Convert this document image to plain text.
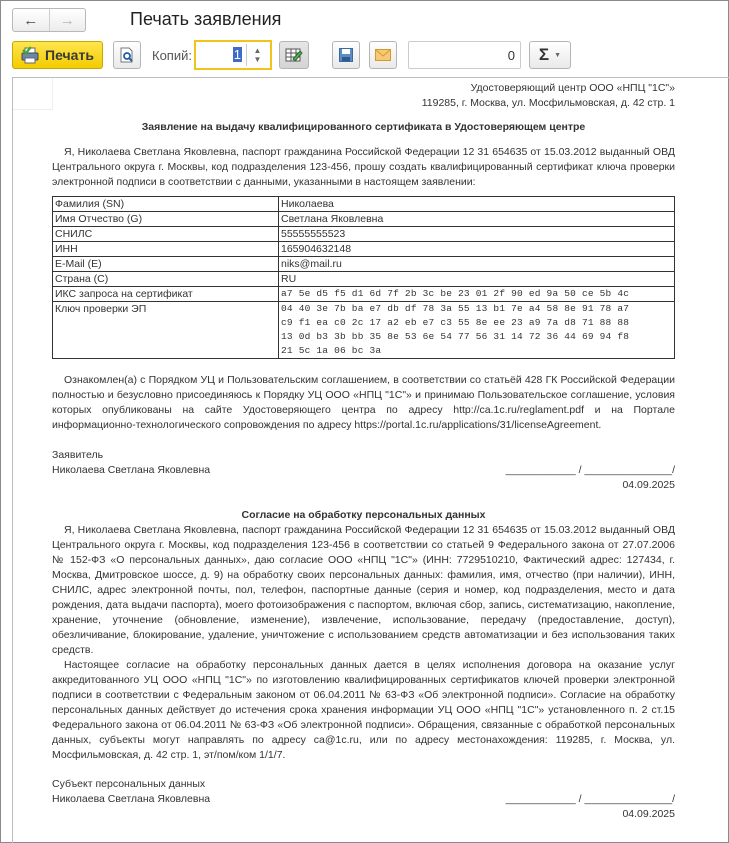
← →	Печать заявления
Печать	Копий:	1 ▲
▼	0	Σ ▼
Удостоверяющий центр ООО «НПЦ "1С"»
119285, г. Москва, ул. Мосфильмовская, д. 42 стр. 1
Заявление на выдачу квалифицированного сертификата в Удостоверяющем центре
Я, Николаева Светлана Яковлевна, паспорт гражданина Российской Федерации 12 31 654635 от 15.03.2012 выданный ОВД Центрального округа г. Москвы, код подразделения 123-456, прошу создать квалифицированный сертификат ключа проверки электронной подписи в соответствии с данными, указанными в настоящем заявлении:
Фамилия (SN)	Николаева
Имя Отчество (G)	Светлана Яковлевна
СНИЛС	55555555523
ИНН	165904632148
E-Mail (E)	niks@mail.ru
Страна (C)	RU
ИКС запроса на сертификат	a7 5e d5 f5 d1 6d 7f 2b 3c be 23 01 2f 90 ed 9a 50 ce 5b 4c
Ключ проверки ЭП	04 40 3e 7b ba e7 db df 78 3a 55 13 b1 7e a4 58 8e 91 78 a7
c9 f1 ea c0 2c 17 a2 eb e7 c3 55 8e ee 23 a9 7a d8 71 88 88
13 0d b3 3b bb 35 8e 53 6e 54 77 56 31 14 72 36 44 69 94 f8
21 5c 1a 06 bc 3a
Ознакомлен(а) с Порядком УЦ и Пользовательским соглашением, в соответствии со статьёй 428 ГК Российской Федерации полностью и безусловно присоединяюсь к Порядку УЦ ООО «НПЦ "1С"» и принимаю Пользовательское соглашение, условия которых опубликованы на сайте Удостоверяющего центра по адресу http://ca.1c.ru/reglament.pdf и на Портале информационно-технологического сопровождения по адресу https://portal.1c.ru/applications/31/licenseAgreement.
Заявитель
Николаева Светлана Яковлевна	____________ / _______________/
04.09.2025
Согласие на обработку персональных данных
Я, Николаева Светлана Яковлевна, паспорт гражданина Российской Федерации 12 31 654635 от 15.03.2012 выданный ОВД Центрального округа г. Москвы, код подразделения 123-456 в соответствии со статьей 9 Федерального закона от 27.07.2006 № 152-ФЗ «О персональных данных», даю согласие ООО «НПЦ "1С"» (ИНН: 7729510210, Фактический адрес: 127434, г. Москва, Дмитровское шоссе, д. 9) на обработку своих персональных данных: фамилия, имя, отчество (при наличии), ИНН, СНИЛС, адрес электронной почты, пол, телефон, паспортные данные (серия и номер, код подразделения, место и дата рождения, дата выдачи паспорта), моего фотоизображения с паспортом, включая сбор, запись, систематизацию, накопление, хранение, уточнение (обновление, изменение), извлечение, использование, передачу (предоставление, доступ), обезличивание, блокирование, удаление, уничтожение с использованием средств автоматизации и без использования таких средств.
Настоящее согласие на обработку персональных данных дается в целях исполнения договора на оказание услуг аккредитованного УЦ ООО «НПЦ "1С"» по изготовлению квалифицированных сертификатов ключей проверки электронной подписи в соответствии с Федеральным законом от 06.04.2011 № 63-ФЗ «Об электронной подписи». Согласие на обработку персональных данных действует до истечения срока хранения информации УЦ ООО «НПЦ "1С"» установленного п. 2 ст.15 Федерального закона от 06.04.2011 № 63-ФЗ «Об электронной подписи». Обращения, связанные с обработкой персональных данных, субъекты могут направлять по адресу ca@1c.ru, или по адресу местонахождения: 119285, г. Москва, ул. Мосфильмовская, д. 42 стр. 1, эт/пом/ком 1/1/7.
Субъект персональных данных
Николаева Светлана Яковлевна	____________ / _______________/
04.09.2025
